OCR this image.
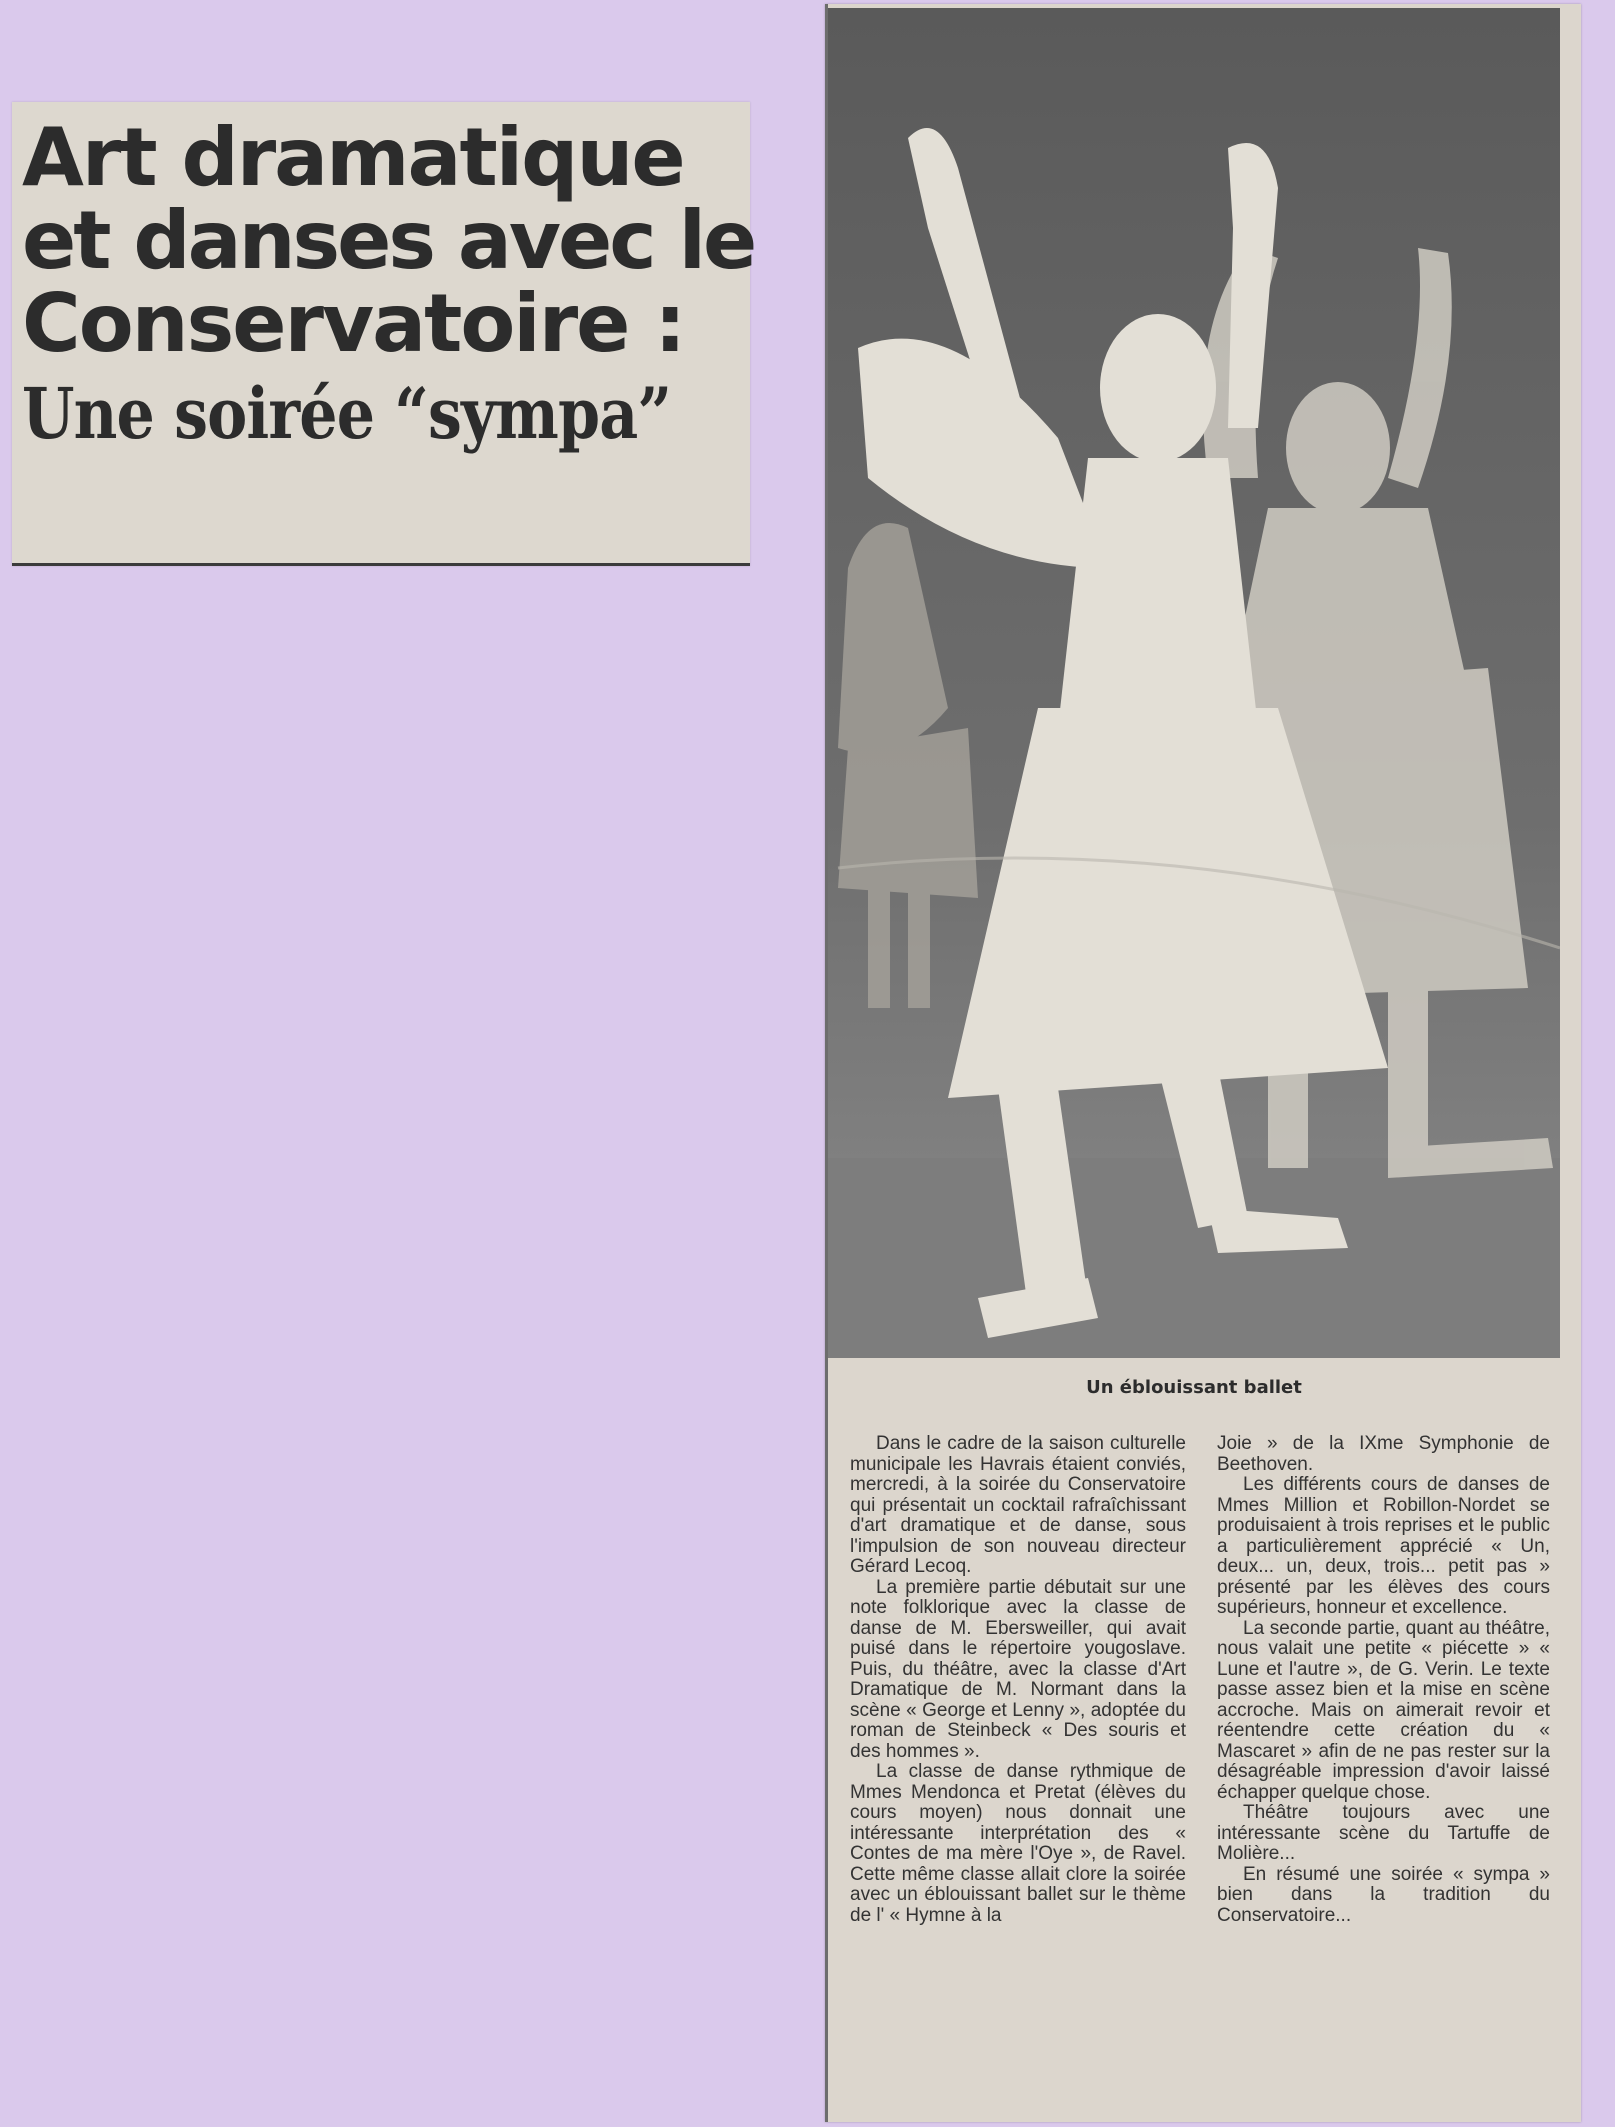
Art dramatique
et danses avec le
Conservatoire :
Une soirée “sympa”
Un éblouissant ballet

Dans le cadre de la saison culturelle municipale les Havrais étaient conviés, mercredi, à la soirée du Conservatoire qui présentait un cocktail rafraîchissant d'art dramatique et de danse, sous l'impulsion de son nouveau directeur Gérard Lecoq.

La première partie débutait sur une note folklorique avec la classe de danse de M. Ebersweiller, qui avait puisé dans le répertoire yougoslave. Puis, du théâtre, avec la classe d'Art Dramatique de M. Normant dans la scène « George et Lenny », adoptée du roman de Steinbeck « Des souris et des hommes ».

La classe de danse rythmique de Mmes Mendonca et Pretat (élèves du cours moyen) nous donnait une intéressante interprétation des « Contes de ma mère l'Oye », de Ravel. Cette même classe allait clore la soirée avec un éblouissant ballet sur le thème de l' « Hymne à la

Joie » de la IXme Symphonie de Beethoven.

Les différents cours de danses de Mmes Million et Robillon-Nordet se produisaient à trois reprises et le public a particulièrement apprécié « Un, deux... un, deux, trois... petit pas » présenté par les élèves des cours supérieurs, honneur et excellence.

La seconde partie, quant au théâtre, nous valait une petite « piécette » « Lune et l'autre », de G. Verin. Le texte passe assez bien et la mise en scène accroche. Mais on aimerait revoir et réentendre cette création du « Mascaret » afin de ne pas rester sur la désagréable impression d'avoir laissé échapper quelque chose.

Théâtre toujours avec une intéressante scène du Tartuffe de Molière...

En résumé une soirée « sympa » bien dans la tradition du Conservatoire...
